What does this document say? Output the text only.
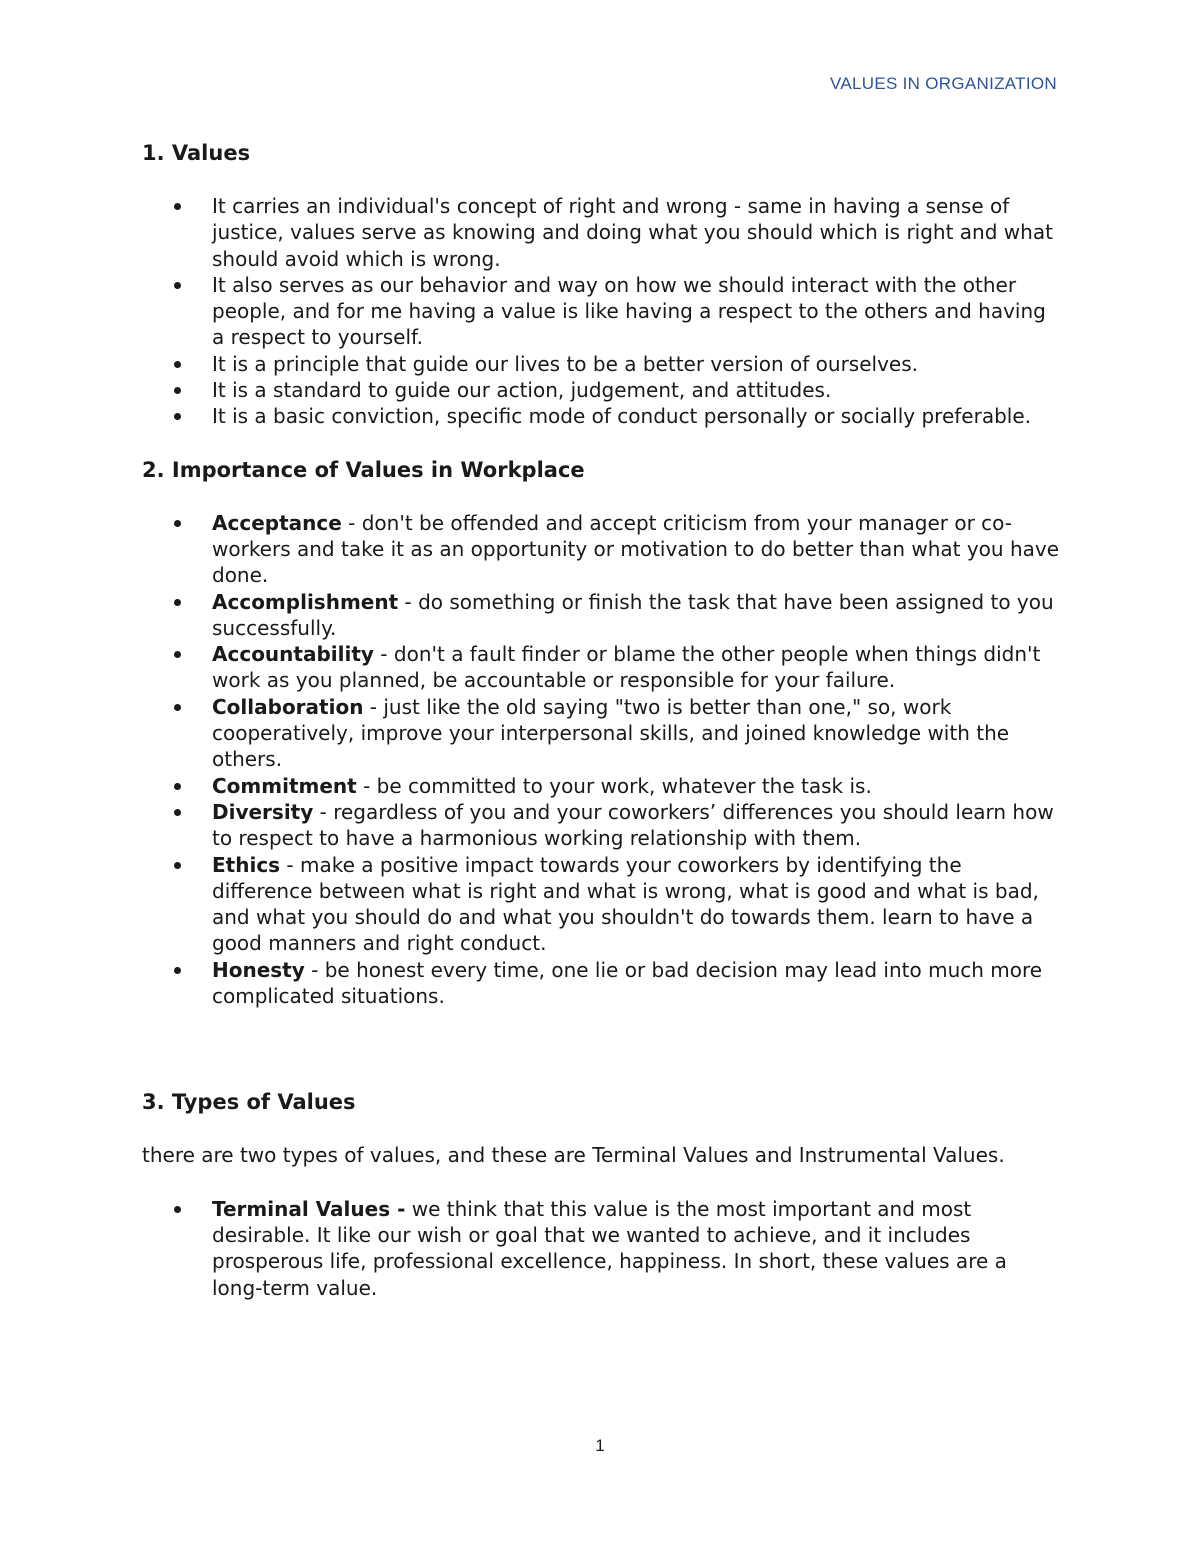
VALUES IN ORGANIZATION
1. Values
It carries an individual's concept of right and wrong - same in having a sense of justice, values serve as knowing and doing what you should which is right and what should avoid which is wrong.
It also serves as our behavior and way on how we should interact with the other people, and for me having a value is like having a respect to the others and having a respect to yourself.
It is a principle that guide our lives to be a better version of ourselves.
It is a standard to guide our action, judgement, and attitudes.
It is a basic conviction, specific mode of conduct personally or socially preferable.
2. Importance of Values in Workplace
Acceptance - don't be offended and accept criticism from your manager or co-workers and take it as an opportunity or motivation to do better than what you have done.
Accomplishment - do something or finish the task that have been assigned to you successfully.
Accountability - don't a fault finder or blame the other people when things didn't work as you planned, be accountable or responsible for your failure.
Collaboration - just like the old saying "two is better than one," so, work cooperatively, improve your interpersonal skills, and joined knowledge with the others.
Commitment - be committed to your work, whatever the task is.
Diversity - regardless of you and your coworkers’ differences you should learn how to respect to have a harmonious working relationship with them.
Ethics - make a positive impact towards your coworkers by identifying the difference between what is right and what is wrong, what is good and what is bad, and what you should do and what you shouldn't do towards them. learn to have a good manners and right conduct.
Honesty - be honest every time, one lie or bad decision may lead into much more complicated situations.
3. Types of Values

there are two types of values, and these are Terminal Values and Instrumental Values.

Terminal Values - we think that this value is the most important and most desirable. It like our wish or goal that we wanted to achieve, and it includes prosperous life, professional excellence, happiness. In short, these values are a long-term value.
1
